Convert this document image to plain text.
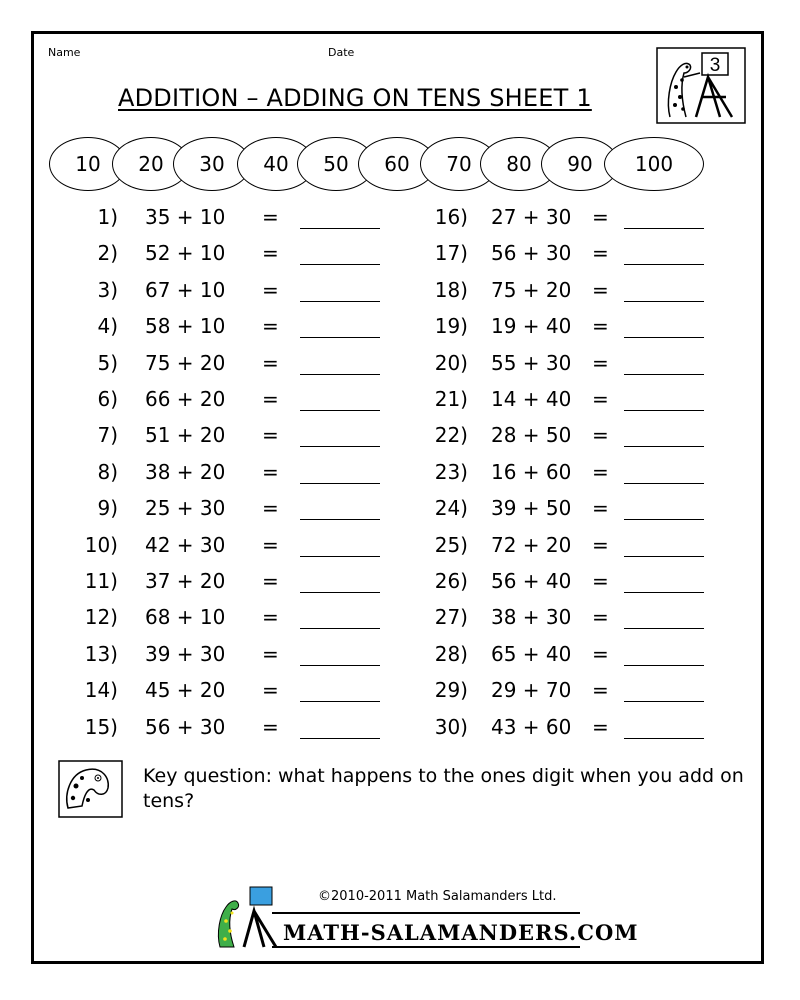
Name	Date
ADDITION – ADDING ON TENS SHEET 1
3
10	20	30	40	50	60	70	80	90	100
1) 35 + 10 =
2) 52 + 10 =
3) 67 + 10 =
4) 58 + 10 =
5) 75 + 20 =
6) 66 + 20 =
7) 51 + 20 =
8) 38 + 20 =
9) 25 + 30 =
10) 42 + 30 =
11) 37 + 20 =
12) 68 + 10 =
13) 39 + 30 =
14) 45 + 20 =
15) 56 + 30 =
16) 27 + 30 =
17) 56 + 30 =
18) 75 + 20 =
19) 19 + 40 =
20) 55 + 30 =
21) 14 + 40 =
22) 28 + 50 =
23) 16 + 60 =
24) 39 + 50 =
25) 72 + 20 =
26) 56 + 40 =
27) 38 + 30 =
28) 65 + 40 =
29) 29 + 70 =
30) 43 + 60 =
Key question: what happens to the ones digit when you add on tens?
©2010-2011 Math Salamanders Ltd.
MATH-SALAMANDERS.COM
